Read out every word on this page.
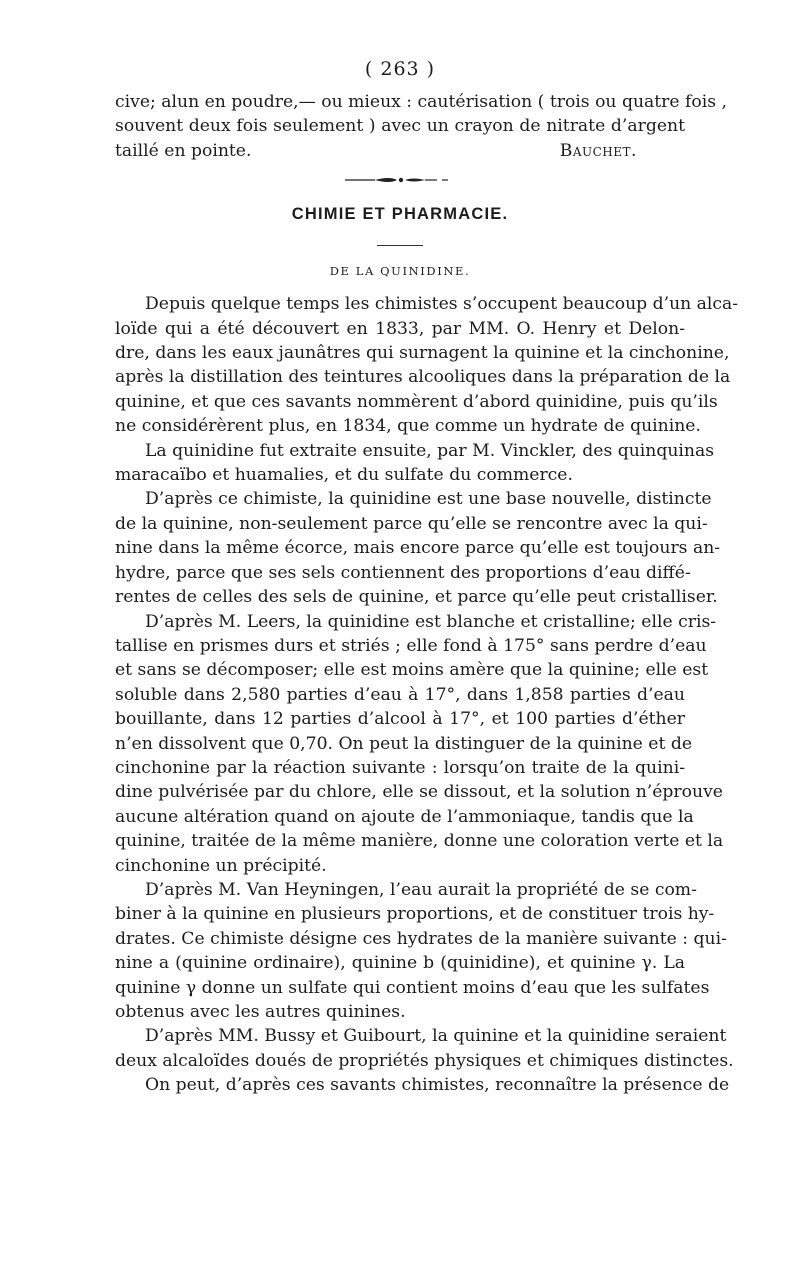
( 263 )
cive; alun en poudre,— ou mieux : cautérisation ( trois ou quatre fois ,
souvent deux fois seulement ) avec un crayon de nitrate d’argent
taillé en pointe.	Bauchet.
CHIMIE ET PHARMACIE.
DE LA QUINIDINE.
Depuis quelque temps les chimistes s’occupent beaucoup d’un alca-
loïde qui a été découvert en 1833, par MM. O. Henry et Delon-
dre, dans les eaux jaunâtres qui surnagent la quinine et la cinchonine,
après la distillation des teintures alcooliques dans la préparation de la
quinine, et que ces savants nommèrent d’abord quinidine, puis qu’ils
ne considérèrent plus, en 1834, que comme un hydrate de quinine.
La quinidine fut extraite ensuite, par M. Vinckler, des quinquinas
maracaïbo et huamalies, et du sulfate du commerce.
D’après ce chimiste, la quinidine est une base nouvelle, distincte
de la quinine, non-seulement parce qu’elle se rencontre avec la qui-
nine dans la même écorce, mais encore parce qu’elle est toujours an-
hydre, parce que ses sels contiennent des proportions d’eau diffé-
rentes de celles des sels de quinine, et parce qu’elle peut cristalliser.
D’après M. Leers, la quinidine est blanche et cristalline; elle cris-
tallise en prismes durs et striés ; elle fond à 175° sans perdre d’eau
et sans se décomposer; elle est moins amère que la quinine; elle est
soluble dans 2,580 parties d’eau à 17°, dans 1,858 parties d’eau
bouillante, dans 12 parties d’alcool à 17°, et 100 parties d’éther
n’en dissolvent que 0,70. On peut la distinguer de la quinine et de
cinchonine par la réaction suivante : lorsqu’on traite de la quini-
dine pulvérisée par du chlore, elle se dissout, et la solution n’éprouve
aucune altération quand on ajoute de l’ammoniaque, tandis que la
quinine, traitée de la même manière, donne une coloration verte et la
cinchonine un précipité.
D’après M. Van Heyningen, l’eau aurait la propriété de se com-
biner à la quinine en plusieurs proportions, et de constituer trois hy-
drates. Ce chimiste désigne ces hydrates de la manière suivante : qui-
nine a (quinine ordinaire), quinine b (quinidine), et quinine γ. La
quinine γ donne un sulfate qui contient moins d’eau que les sulfates
obtenus avec les autres quinines.
D’après MM. Bussy et Guibourt, la quinine et la quinidine seraient
deux alcaloïdes doués de propriétés physiques et chimiques distinctes.
On peut, d’après ces savants chimistes, reconnaître la présence de
